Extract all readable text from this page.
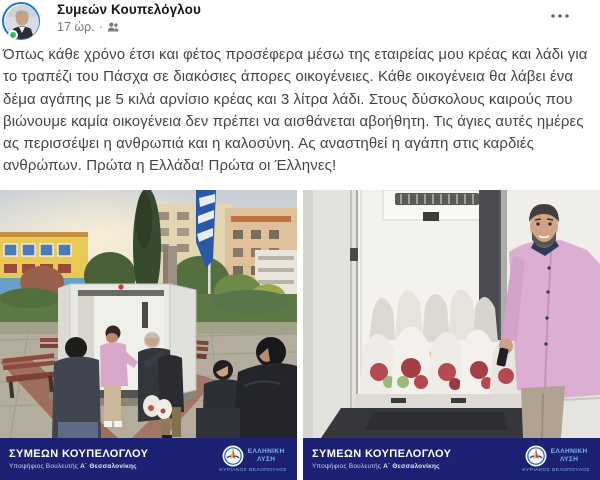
Συμεών Κουπελόγλου
17 ώρ. ·
Όπως κάθε χρόνο έτσι και φέτος προσέφερα μέσω της εταιρείας μου κρέας και λάδι για το τραπέζι του Πάσχα σε διακόσιες άπορες οικογένειες. Κάθε οικογένεια θα λάβει ένα δέμα αγάπης με 5 κιλά αρνίσιο κρέας και 3 λίτρα λάδι. Στους δύσκολους καιρούς που βιώνουμε καμία οικογένεια δεν πρέπει να αισθάνεται αβοήθητη. Τις άγιες αυτές ημέρες ας περισσέψει η ανθρωπιά και η καλοσύνη. Ας αναστηθεί η αγάπη στις καρδιές ανθρώπων. Πρώτα η Ελλάδα! Πρώτα οι Έλληνες!
ΣΥΜΕΩΝ ΚΟΥΠΕΛΟΓΛΟΥ
Υποψήφιος Βουλευτής Α΄ Θεσσαλονίκης
ΕΛΛΗΝΙΚΗ
ΛΥΣΗ
ΚΥΡΙΑΚΟΣ ΒΕΛΟΠΟΥΛΟΣ
ΣΥΜΕΩΝ ΚΟΥΠΕΛΟΓΛΟΥ
Υποψήφιος Βουλευτής Α΄ Θεσσαλονίκης
ΕΛΛΗΝΙΚΗ
ΛΥΣΗ
ΚΥΡΙΑΚΟΣ ΒΕΛΟΠΟΥΛΟΣ
